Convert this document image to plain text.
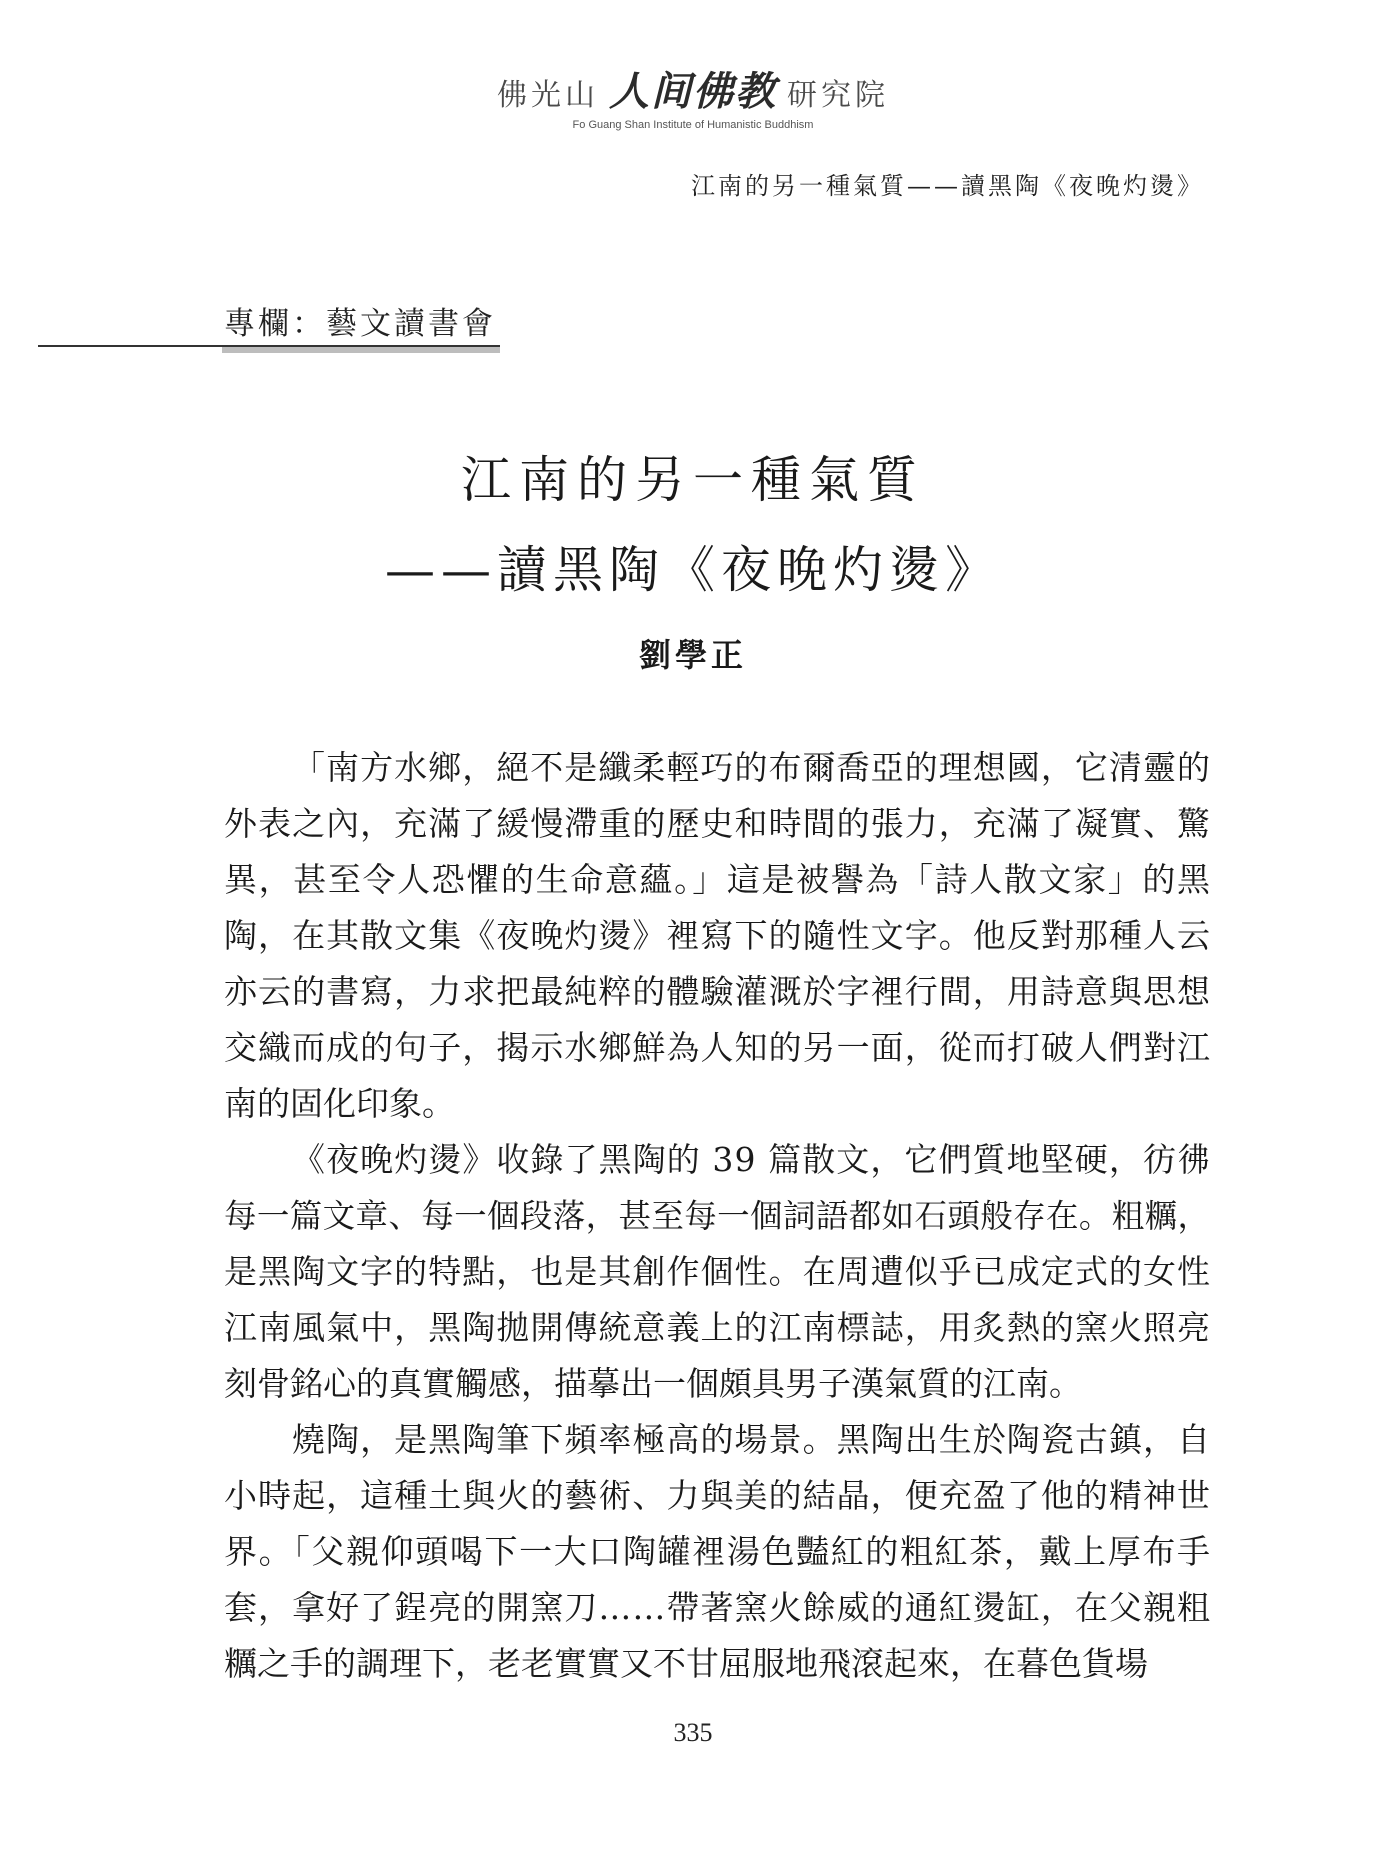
佛光山 人间佛教 研究院
Fo Guang Shan Institute of Humanistic Buddhism
江南的另一種氣質——讀黑陶《夜晚灼燙》
專欄：藝文讀書會
江南的另一種氣質
——讀黑陶《夜晚灼燙》
劉學正
「南方水鄉，絕不是纖柔輕巧的布爾喬亞的理想國，它清靈的
外表之內，充滿了緩慢滯重的歷史和時間的張力，充滿了凝實、驚
異，甚至令人恐懼的生命意蘊。」這是被譽為「詩人散文家」的黑
陶，在其散文集《夜晚灼燙》裡寫下的隨性文字。他反對那種人云
亦云的書寫，力求把最純粹的體驗灌溉於字裡行間，用詩意與思想
交織而成的句子，揭示水鄉鮮為人知的另一面，從而打破人們對江
南的固化印象。
《夜晚灼燙》收錄了黑陶的 39 篇散文，它們質地堅硬，彷彿
每一篇文章、每一個段落，甚至每一個詞語都如石頭般存在。粗糲，
是黑陶文字的特點，也是其創作個性。在周遭似乎已成定式的女性
江南風氣中，黑陶拋開傳統意義上的江南標誌，用炙熱的窯火照亮
刻骨銘心的真實觸感，描摹出一個頗具男子漢氣質的江南。
燒陶，是黑陶筆下頻率極高的場景。黑陶出生於陶瓷古鎮，自
小時起，這種土與火的藝術、力與美的結晶，便充盈了他的精神世
界。「父親仰頭喝下一大口陶罐裡湯色豔紅的粗紅茶，戴上厚布手
套，拿好了鋥亮的開窯刀……帶著窯火餘威的通紅燙缸，在父親粗
糲之手的調理下，老老實實又不甘屈服地飛滾起來，在暮色貨場
335
